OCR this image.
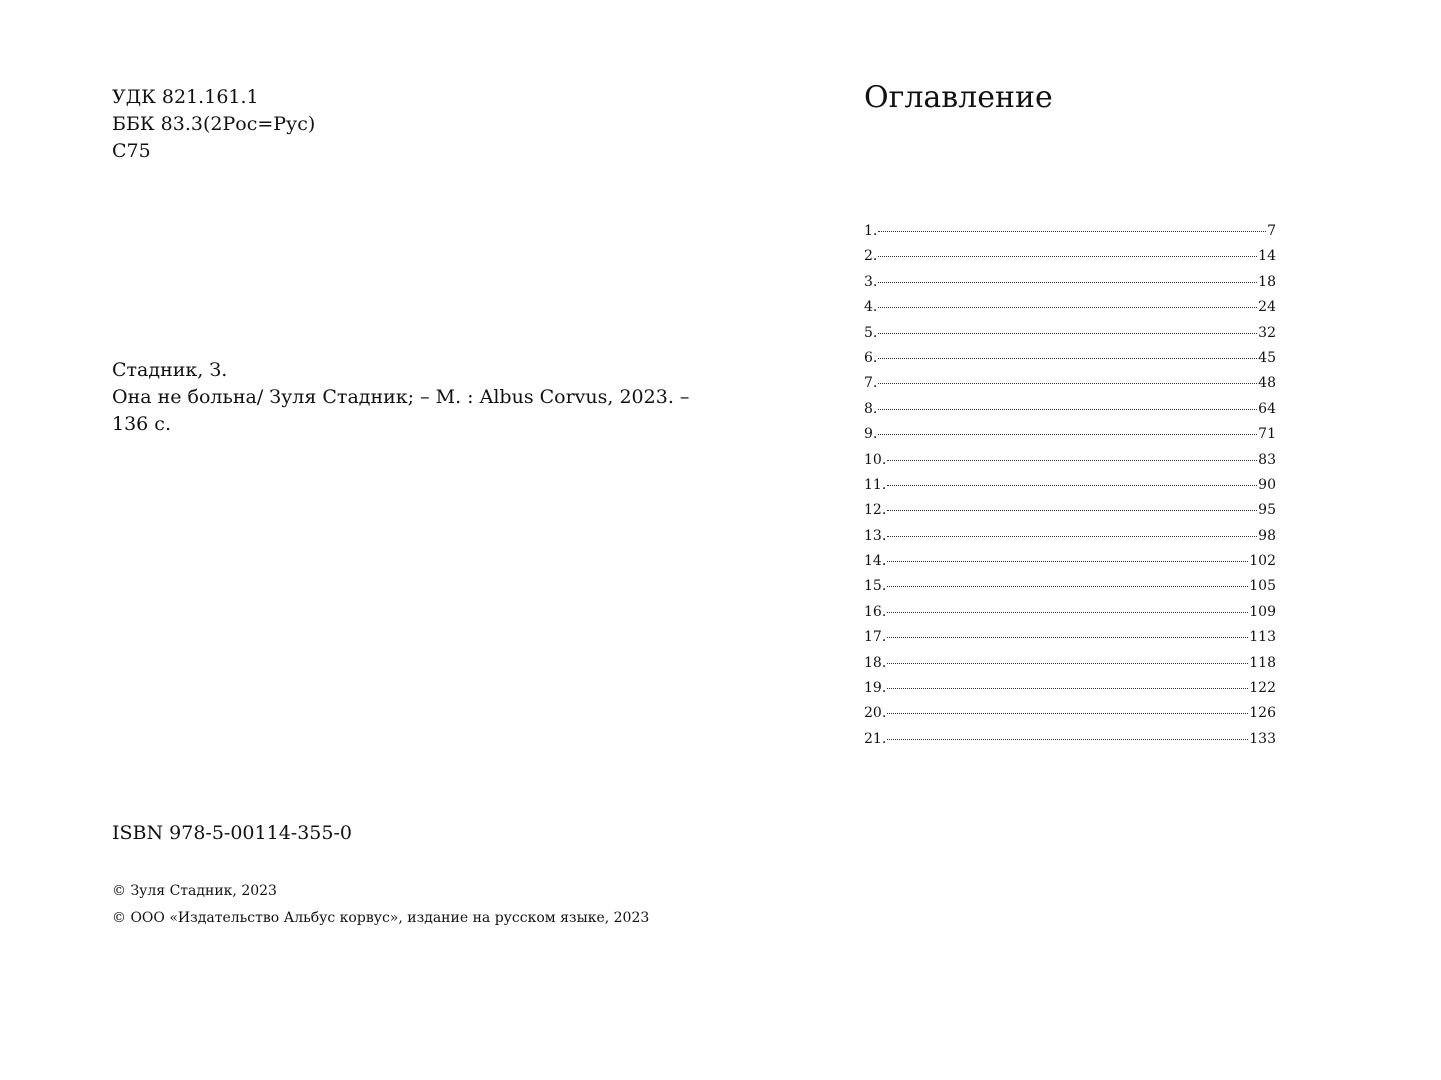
УДК 821.161.1
ББК 83.3(2Рос=Рус)
С75
Стадник, З.
Она не больна/ Зуля Стадник; – М. : Albus Corvus, 2023. –
136 с.
ISBN 978-5-00114-355-0
© Зуля Стадник, 2023
© ООО «Издательство Альбус корвус», издание на русском языке, 2023
Оглавление
1.	7
2.	14
3.	18
4.	24
5.	32
6.	45
7.	48
8.	64
9.	71
10.	83
11.	90
12.	95
13.	98
14.	102
15.	105
16.	109
17.	113
18.	118
19.	122
20.	126
21.	133
